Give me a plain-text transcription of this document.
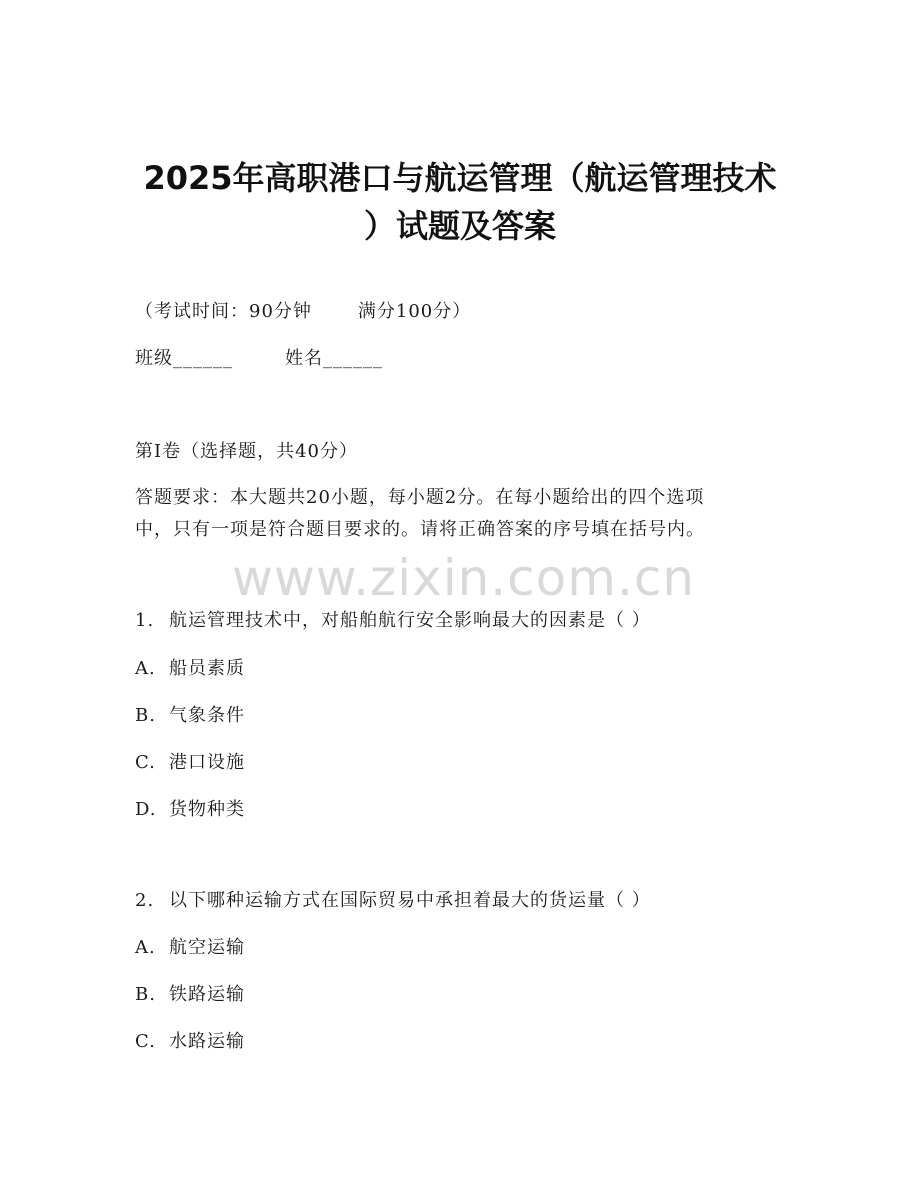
2025年高职港口与航运管理（航运管理技术
）试题及答案

（考试时间：90分钟	满分100分）

班级______	姓名______

第I卷（选择题，共40分）

答题要求：本大题共20小题，每小题2分。在每小题给出的四个选项

中，只有一项是符合题目要求的。请将正确答案的序号填在括号内。

www.zixin.com.cn

1. 航运管理技术中，对船舶航行安全影响最大的因素是（ ）

A. 船员素质

B. 气象条件

C. 港口设施

D. 货物种类

2. 以下哪种运输方式在国际贸易中承担着最大的货运量（ ）

A. 航空运输

B. 铁路运输

C. 水路运输
